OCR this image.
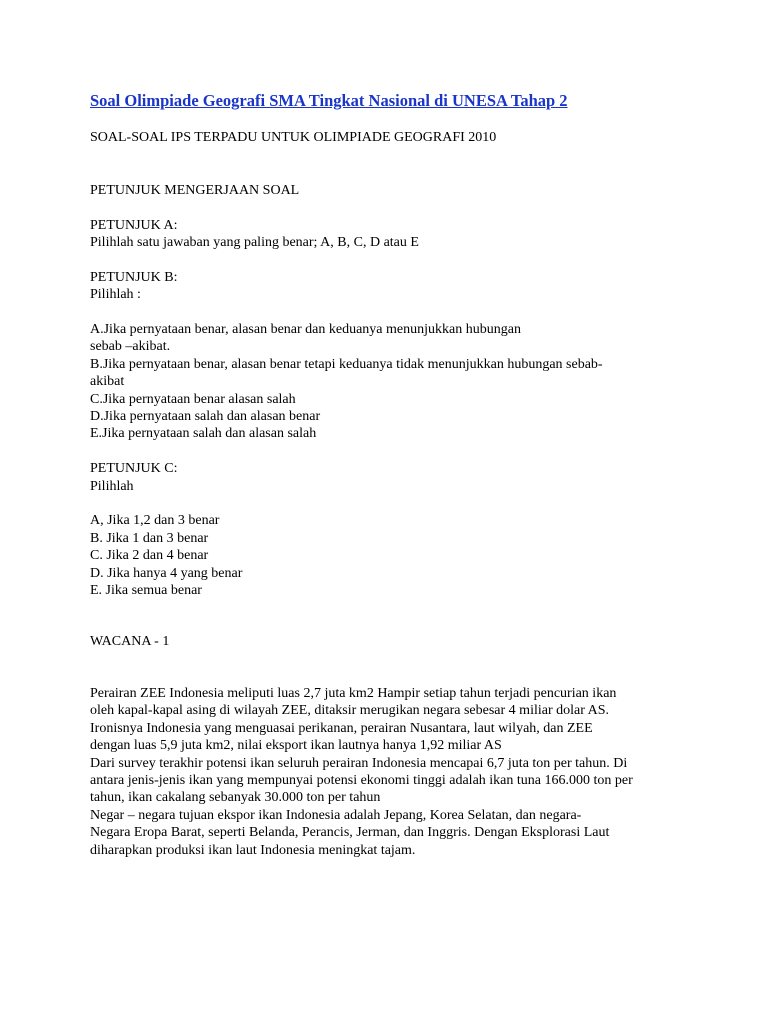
Soal Olimpiade Geografi SMA Tingkat Nasional di UNESA Tahap 2
SOAL-SOAL IPS TERPADU UNTUK OLIMPIADE GEOGRAFI 2010
PETUNJUK MENGERJAAN SOAL
PETUNJUK A:
Pilihlah satu jawaban yang paling benar; A, B, C, D atau E
PETUNJUK B:
Pilihlah :
A.Jika pernyataan benar, alasan benar dan keduanya menunjukkan hubungan
sebab –akibat.
B.Jika pernyataan benar, alasan benar tetapi keduanya tidak menunjukkan hubungan sebab-
akibat
C.Jika pernyataan benar alasan salah
D.Jika pernyataan salah dan alasan benar
E.Jika pernyataan salah dan alasan salah
PETUNJUK C:
Pilihlah
A, Jika 1,2 dan 3 benar
B. Jika 1 dan 3 benar
C. Jika 2 dan 4 benar
D. Jika hanya 4 yang benar
E. Jika semua benar
WACANA - 1
Perairan ZEE Indonesia meliputi luas 2,7 juta km2 Hampir setiap tahun terjadi pencurian ikan
oleh kapal-kapal asing di wilayah ZEE, ditaksir merugikan negara sebesar 4 miliar dolar AS.
Ironisnya Indonesia yang menguasai perikanan, perairan Nusantara, laut wilyah, dan ZEE
dengan luas 5,9 juta km2, nilai eksport ikan lautnya hanya 1,92 miliar AS
Dari survey terakhir potensi ikan seluruh perairan Indonesia mencapai 6,7 juta ton per tahun. Di
antara jenis-jenis ikan yang mempunyai potensi ekonomi tinggi adalah ikan tuna 166.000 ton per
tahun, ikan cakalang sebanyak 30.000 ton per tahun
Negar – negara tujuan ekspor ikan Indonesia adalah Jepang, Korea Selatan, dan negara-
Negara Eropa Barat, seperti Belanda, Perancis, Jerman, dan Inggris. Dengan Eksplorasi Laut
diharapkan produksi ikan laut Indonesia meningkat tajam.
